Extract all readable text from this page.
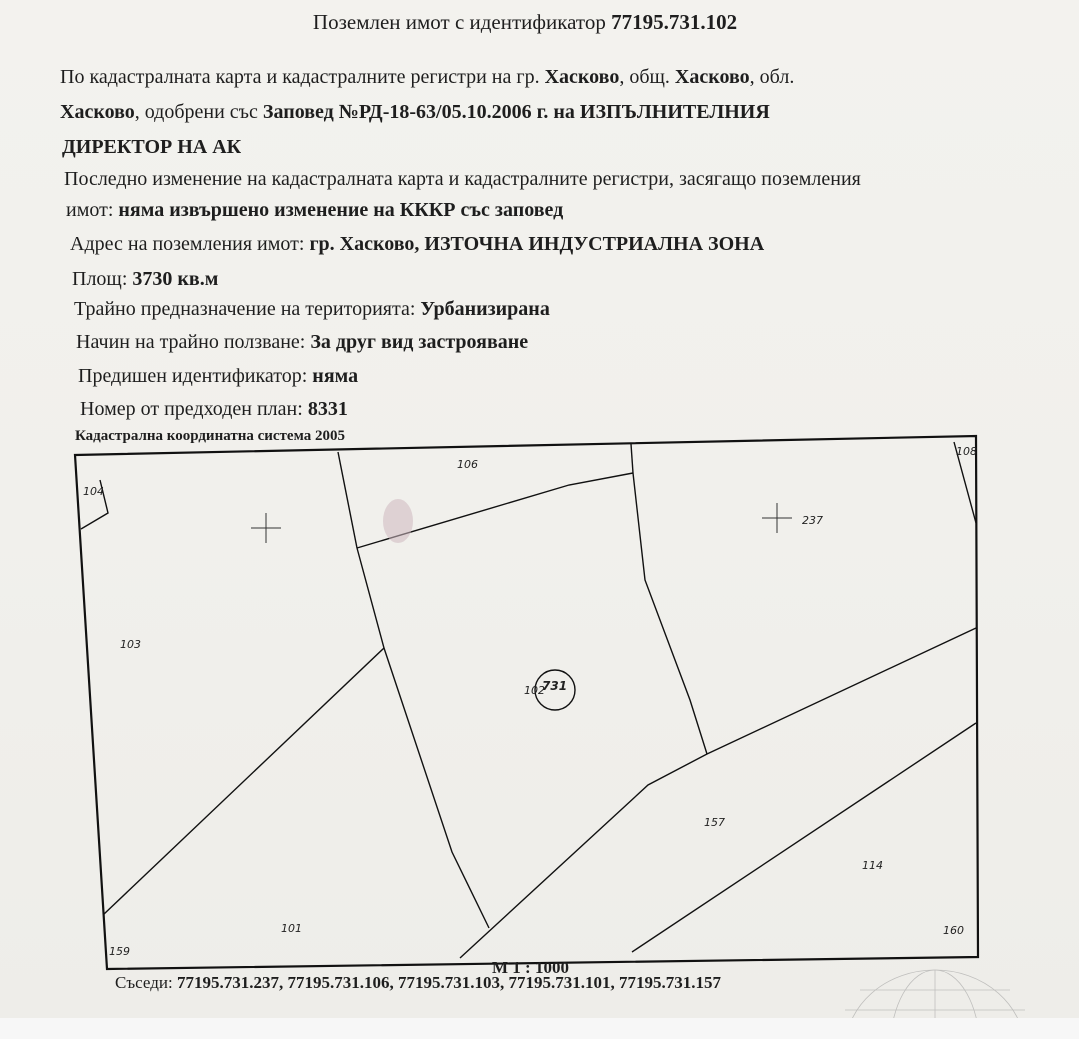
Поземлен имот с идентификатор 77195.731.102
По кадастралната карта и кадастралните регистри на гр. Хасково, общ. Хасково, обл.
Хасково, одобрени със Заповед №РД-18-63/05.10.2006 г. на ИЗПЪЛНИТЕЛНИЯ
ДИРЕКТОР НА АК
Последно изменение на кадастралната карта и кадастралните регистри, засягащо поземления
имот: няма извършено изменение на КККР със заповед
Адрес на поземления имот: гр. Хасково, ИЗТОЧНА ИНДУСТРИАЛНА ЗОНА
Площ: 3730 кв.м
Трайно предназначение на територията: Урбанизирана
Начин на трайно ползване: За друг вид застрояване
Предишен идентификатор: няма
Номер от предходен план: 8331
Кадастрална координатна система 2005
106
104
108
237
103
102
731
157
114
101
159
160
М 1 : 1000
Съседи: 77195.731.237, 77195.731.106, 77195.731.103, 77195.731.101, 77195.731.157
